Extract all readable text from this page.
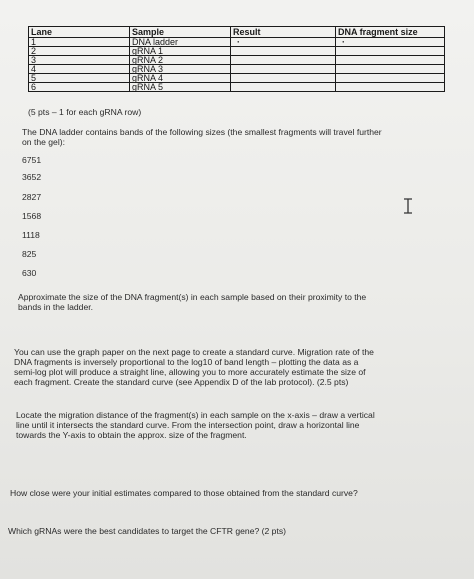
Lane	Sample	Result	DNA fragment size
1	DNA ladder	·	·
2	gRNA 1		
3	gRNA 2		
4	gRNA 3		
5	gRNA 4		
6	gRNA 5		
(5 pts – 1 for each gRNA row)
The DNA ladder contains bands of the following sizes (the smallest fragments will travel further
on the gel):
6751
3652
2827
1568
1118
825
630
Approximate the size of the DNA fragment(s) in each sample based on their proximity to the
bands in the ladder.
You can use the graph paper on the next page to create a standard curve. Migration rate of the
DNA fragments is inversely proportional to the log10 of band length – plotting the data as a
semi-log plot will produce a straight line, allowing you to more accurately estimate the size of
each fragment. Create the standard curve (see Appendix D of the lab protocol). (2.5 pts)
Locate the migration distance of the fragment(s) in each sample on the x-axis – draw a vertical
line until it intersects the standard curve. From the intersection point, draw a horizontal line
towards the Y-axis to obtain the approx. size of the fragment.
How close were your initial estimates compared to those obtained from the standard curve?
Which gRNAs were the best candidates to target the CFTR gene? (2 pts)
